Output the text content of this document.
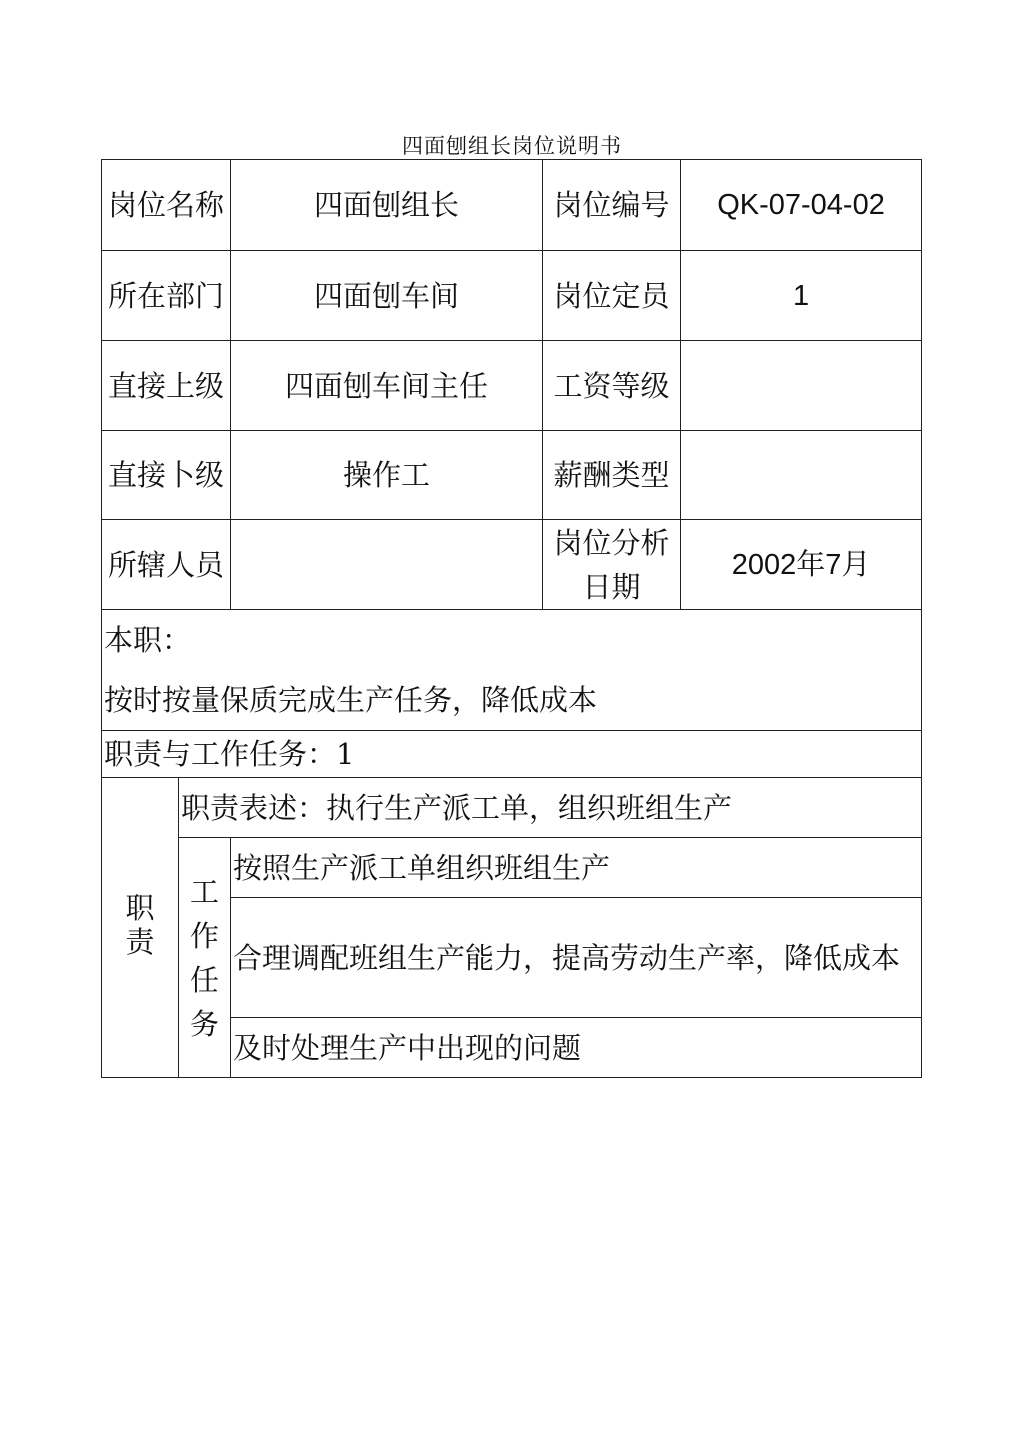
四面刨组长岗位说明书
岗位名称		四面刨组长	岗位编号	QK-07-04-02
所在部门		四面刨车间	岗位定员	1
直接上级		四面刨车间主任	工资等级	
直接卜级		操作工	薪酬类型	
所辖人员			岗位分析日期	2002年7月

本职：
按时按量保质完成生产任务，降低成本				

职责与工作任务：1				
职责	职责表述：执行生产派工单，组织班组生产			
	工作任务	按照生产派工单组织班组生产		
		合理调配班组生产能力，提高劳动生产率，降低成本		
		及时处理生产中出现的问题		
